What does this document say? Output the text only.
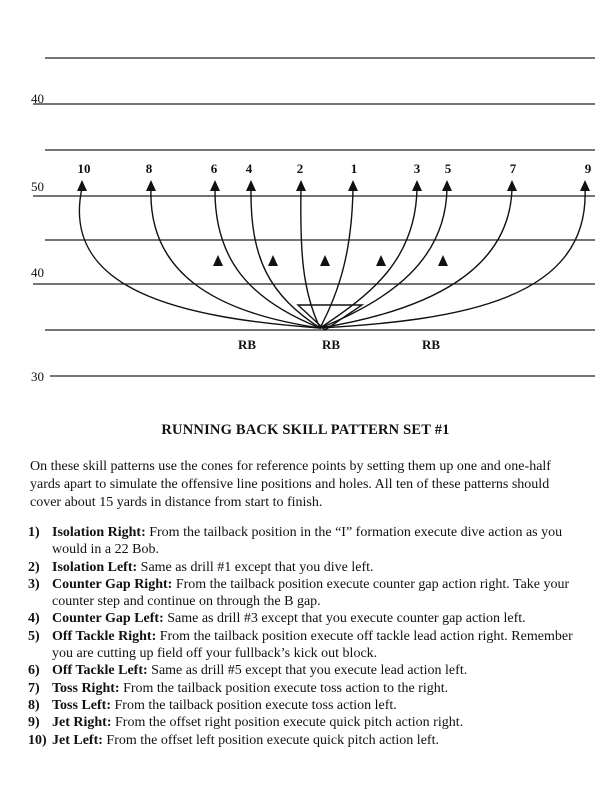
40
50
40
30
10	8	6 4	2	1	3 5	7	9
RB	RB	RB
RUNNING BACK SKILL PATTERN SET #1

On these skill patterns use the cones for reference points by setting them up one and one-half yards apart to simulate the offensive line positions and holes. All ten of these patterns should cover about 15 yards in distance from start to finish.

1) Isolation Right: From the tailback position in the “I” formation execute dive action as you would in a 22 Bob.
2) Isolation Left: Same as drill #1 except that you dive left.
3) Counter Gap Right: From the tailback position execute counter gap action right. Take your counter step and continue on through the B gap.
4) Counter Gap Left: Same as drill #3 except that you execute counter gap action left.
5) Off Tackle Right: From the tailback position execute off tackle lead action right. Remember you are cutting up field off your fullback’s kick out block.
6) Off Tackle Left: Same as drill #5 except that you execute lead action left.
7) Toss Right: From the tailback position execute toss action to the right.
8) Toss Left: From the tailback position execute toss action left.
9) Jet Right: From the offset right position execute quick pitch action right.
10) Jet Left: From the offset left position execute quick pitch action left.
